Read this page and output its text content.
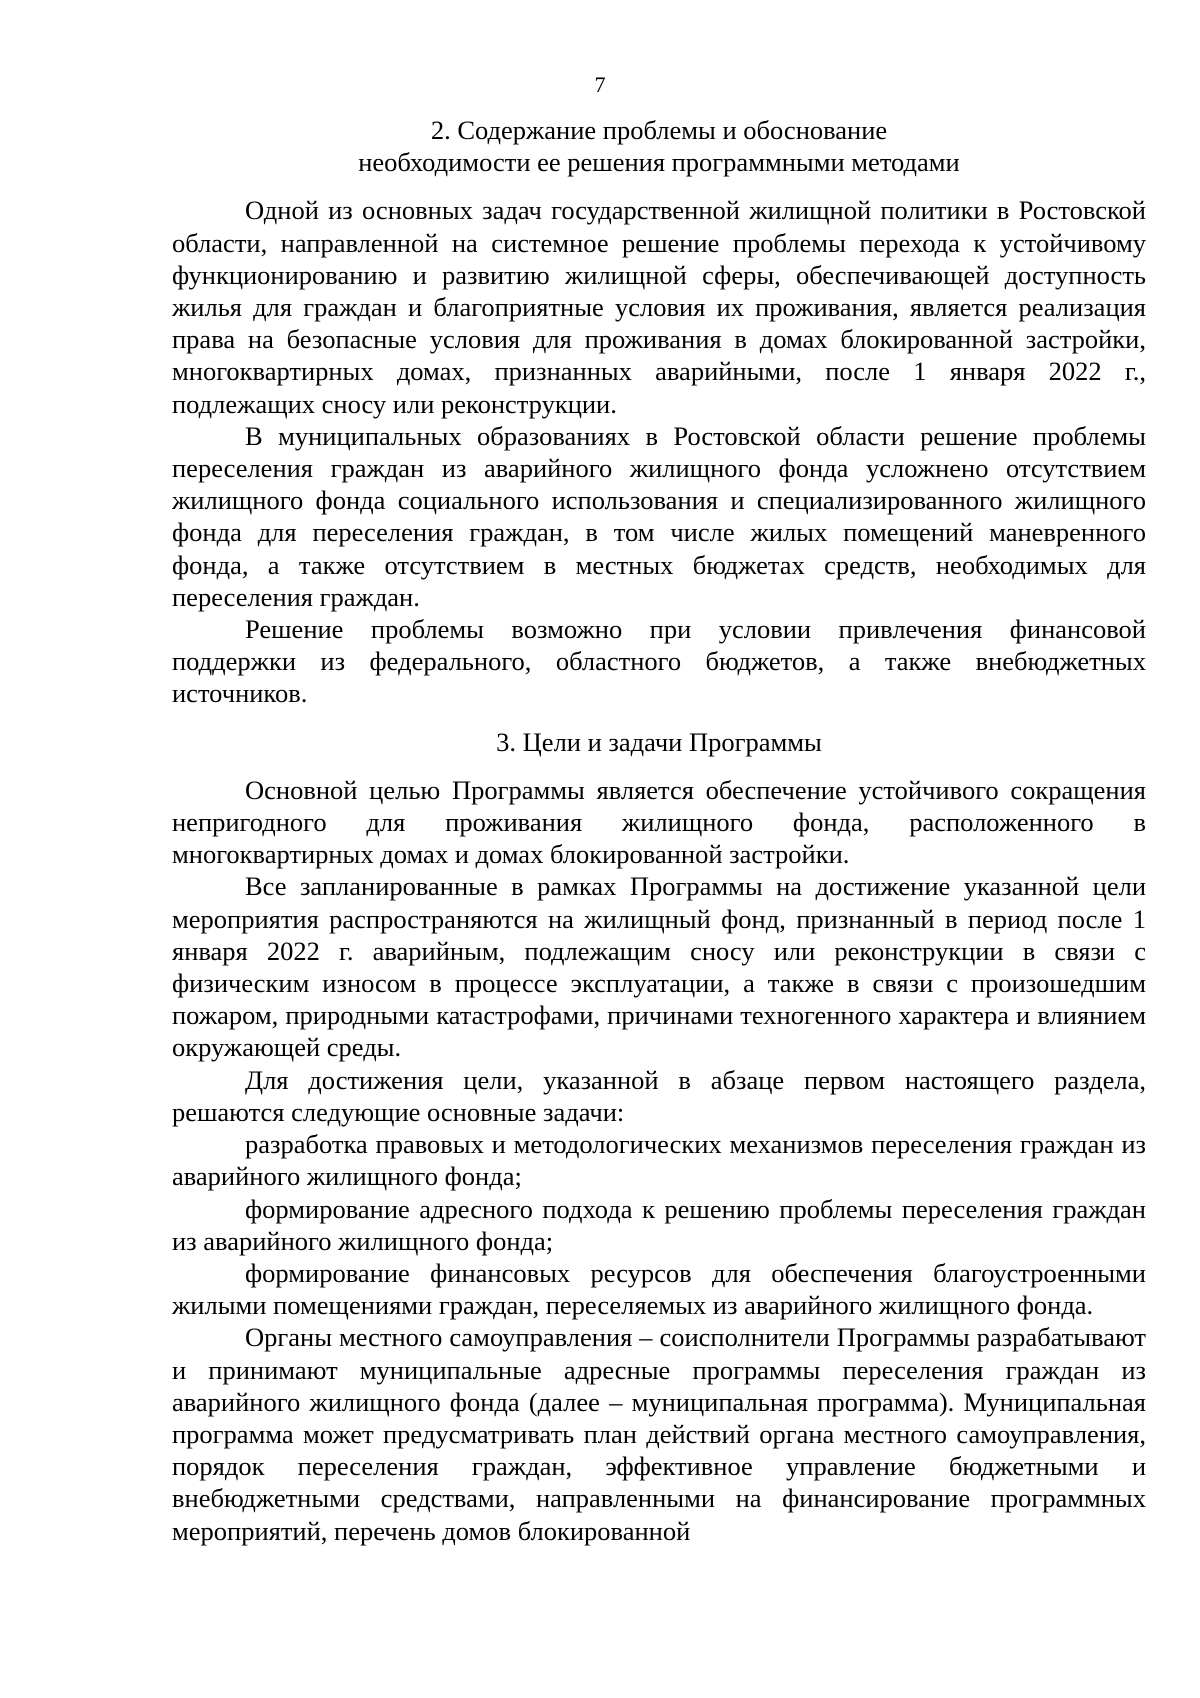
7
2. Содержание проблемы и обоснование
необходимости ее решения программными методами

Одной из основных задач государственной жилищной политики в Ростовской области, направленной на системное решение проблемы перехода к устойчивому функционированию и развитию жилищной сферы, обеспечивающей доступность жилья для граждан и благоприятные условия их проживания, является реализация права на безопасные условия для проживания в домах блокированной застройки, многоквартирных домах, признанных аварийными, после 1 января 2022 г., подлежащих сносу или реконструкции.

В муниципальных образованиях в Ростовской области решение проблемы переселения граждан из аварийного жилищного фонда усложнено отсутствием жилищного фонда социального использования и специализированного жилищного фонда для переселения граждан, в том числе жилых помещений маневренного фонда, а также отсутствием в местных бюджетах средств, необходимых для переселения граждан.

Решение проблемы возможно при условии привлечения финансовой поддержки из федерального, областного бюджетов, а также внебюджетных источников.

3. Цели и задачи Программы

Основной целью Программы является обеспечение устойчивого сокращения непригодного для проживания жилищного фонда, расположенного в многоквартирных домах и домах блокированной застройки.

Все запланированные в рамках Программы на достижение указанной цели мероприятия распространяются на жилищный фонд, признанный в период после 1 января 2022 г. аварийным, подлежащим сносу или реконструкции в связи с физическим износом в процессе эксплуатации, а также в связи с произошедшим пожаром, природными катастрофами, причинами техногенного характера и влиянием окружающей среды.

Для достижения цели, указанной в абзаце первом настоящего раздела, решаются следующие основные задачи:

разработка правовых и методологических механизмов переселения граждан из аварийного жилищного фонда;

формирование адресного подхода к решению проблемы переселения граждан из аварийного жилищного фонда;

формирование финансовых ресурсов для обеспечения благоустроенными жилыми помещениями граждан, переселяемых из аварийного жилищного фонда.

Органы местного самоуправления – соисполнители Программы разрабатывают и принимают муниципальные адресные программы переселения граждан из аварийного жилищного фонда (далее – муниципальная программа). Муниципальная программа может предусматривать план действий органа местного самоуправления, порядок переселения граждан, эффективное управление бюджетными и внебюджетными средствами, направленными на финансирование программных мероприятий, перечень домов блокированной
